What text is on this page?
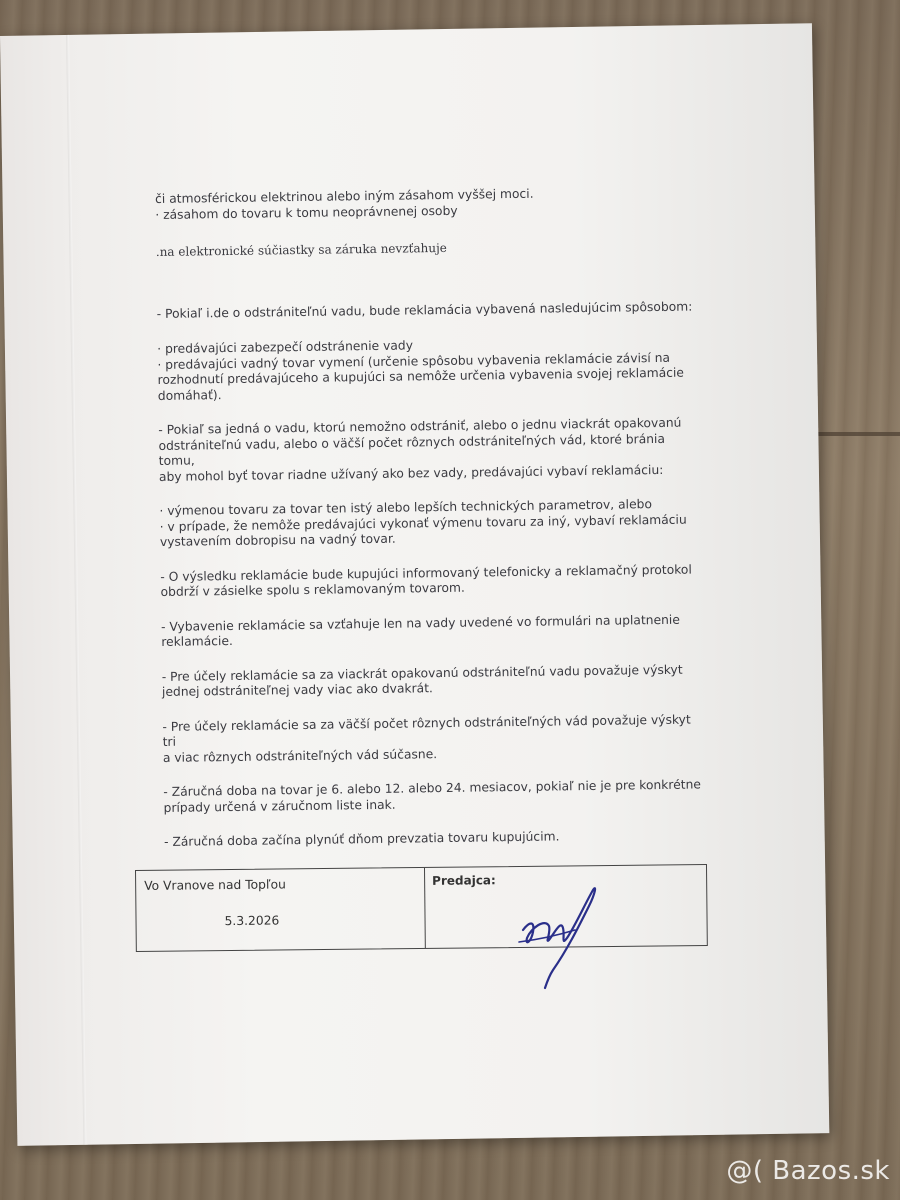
či atmosférickou elektrinou alebo iným zásahom vyššej moci.
· zásahom do tovaru k tomu neoprávnenej osoby

.na elektronické súčiastky sa záruka nevzťahuje

- Pokiaľ i.de o odstrániteľnú vadu, bude reklamácia vybavená nasledujúcim spôsobom:

· predávajúci zabezpečí odstránenie vady
· predávajúci vadný tovar vymení (určenie spôsobu vybavenia reklamácie závisí na
rozhodnutí predávajúceho a kupujúci sa nemôže určenia vybavenia svojej reklamácie
domáhať).

- Pokiaľ sa jedná o vadu, ktorú nemožno odstrániť, alebo o jednu viackrát opakovanú
odstrániteľnú vadu, alebo o väčší počet rôznych odstrániteľných vád, ktoré bránia tomu,
aby mohol byť tovar riadne užívaný ako bez vady, predávajúci vybaví reklamáciu:

· výmenou tovaru za tovar ten istý alebo lepších technických parametrov, alebo
· v prípade, že nemôže predávajúci vykonať výmenu tovaru za iný, vybaví reklamáciu
vystavením dobropisu na vadný tovar.

- O výsledku reklamácie bude kupujúci informovaný telefonicky a reklamačný protokol
obdrží v zásielke spolu s reklamovaným tovarom.

- Vybavenie reklamácie sa vzťahuje len na vady uvedené vo formulári na uplatnenie
reklamácie.

- Pre účely reklamácie sa za viackrát opakovanú odstrániteľnú vadu považuje výskyt
jednej odstrániteľnej vady viac ako dvakrát.

- Pre účely reklamácie sa za väčší počet rôznych odstrániteľných vád považuje výskyt tri
a viac rôznych odstrániteľných vád súčasne.

- Záručná doba na tovar je 6. alebo 12. alebo 24. mesiacov, pokiaľ nie je pre konkrétne
prípady určená v záručnom liste inak.

- Záručná doba začína plynúť dňom prevzatia tovaru kupujúcim.

Vo Vranove nad Topľou
5.3.2026
Predajca:
@( Bazos.sk
